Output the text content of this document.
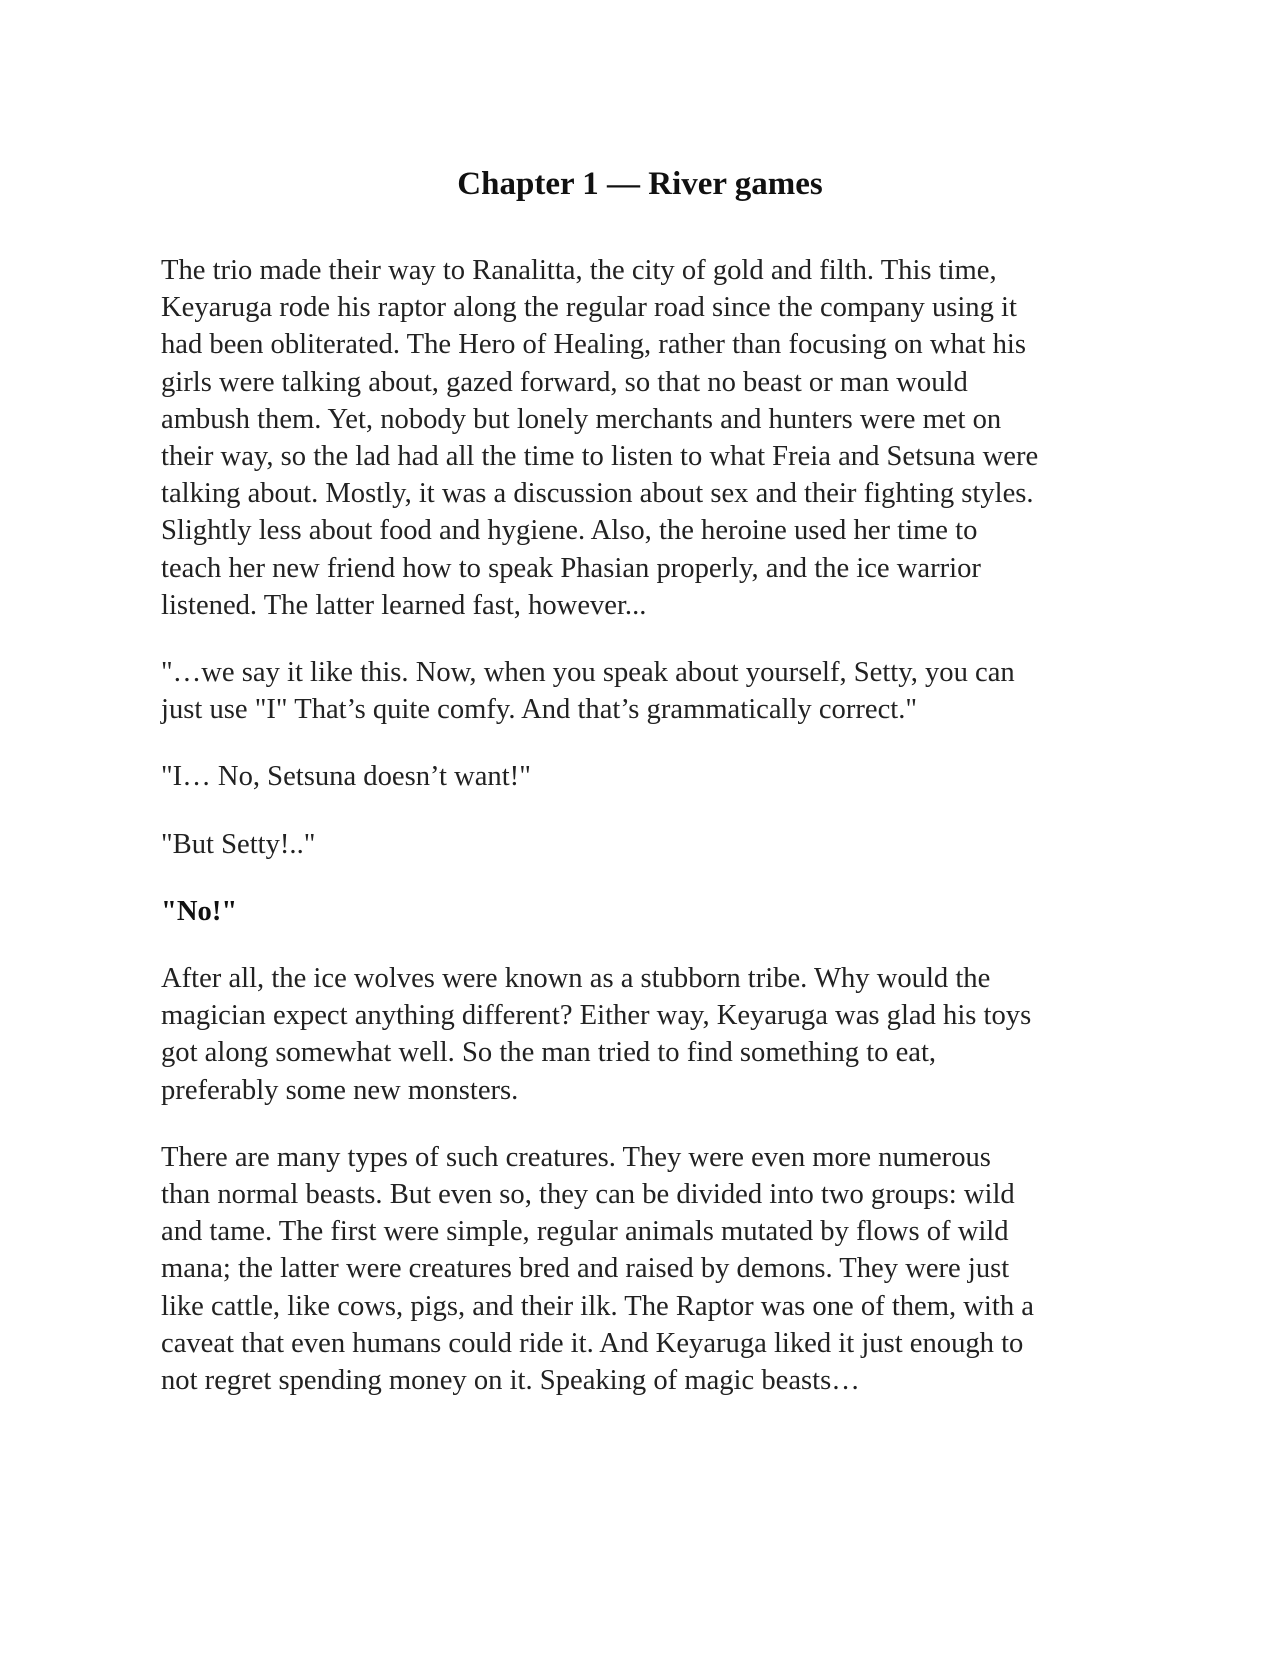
Chapter 1 — River games

The trio made their way to Ranalitta, the city of gold and filth. This time,
Keyaruga rode his raptor along the regular road since the company using it
had been obliterated. The Hero of Healing, rather than focusing on what his
girls were talking about, gazed forward, so that no beast or man would
ambush them. Yet, nobody but lonely merchants and hunters were met on
their way, so the lad had all the time to listen to what Freia and Setsuna were
talking about. Mostly, it was a discussion about sex and their fighting styles.
Slightly less about food and hygiene. Also, the heroine used her time to
teach her new friend how to speak Phasian properly, and the ice warrior
listened. The latter learned fast, however...

"…we say it like this. Now, when you speak about yourself, Setty, you can
just use "I" That’s quite comfy. And that’s grammatically correct."

"I… No, Setsuna doesn’t want!"

"But Setty!.."

"No!"

After all, the ice wolves were known as a stubborn tribe. Why would the
magician expect anything different? Either way, Keyaruga was glad his toys
got along somewhat well. So the man tried to find something to eat,
preferably some new monsters.

There are many types of such creatures. They were even more numerous
than normal beasts. But even so, they can be divided into two groups: wild
and tame. The first were simple, regular animals mutated by flows of wild
mana; the latter were creatures bred and raised by demons. They were just
like cattle, like cows, pigs, and their ilk. The Raptor was one of them, with a
caveat that even humans could ride it. And Keyaruga liked it just enough to
not regret spending money on it. Speaking of magic beasts…
